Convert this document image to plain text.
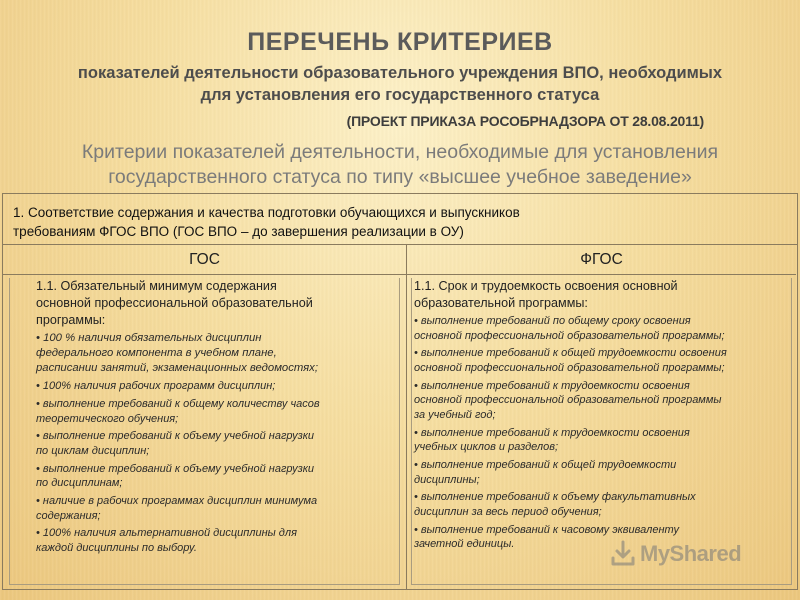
ПЕРЕЧЕНЬ КРИТЕРИЕВ
показателей деятельности образовательного учреждения ВПО, необходимых
для установления его государственного статуса
(ПРОЕКТ ПРИКАЗА РОСОБРНАДЗОРА ОТ 28.08.2011)
Критерии показателей деятельности, необходимые для установления
государственного статуса по типу «высшее учебное заведение»
1. Соответствие содержания и качества подготовки обучающихся и выпускников
требованиям ФГОС ВПО (ГОС ВПО – до завершения реализации в ОУ)
ГОС	ФГОС
1.1. Обязательный минимум содержания
основной профессиональной образовательной
программы:
• 100 % наличия обязательных дисциплин
федерального компонента в учебном плане,
расписании занятий, экзаменационных ведомостях;
• 100% наличия рабочих программ дисциплин;
• выполнение требований к общему количеству часов
теоретического обучения;
• выполнение требований к объему учебной нагрузки
по циклам дисциплин;
• выполнение требований к объему учебной нагрузки
по дисциплинам;
• наличие в рабочих программах дисциплин минимума
содержания;
• 100% наличия альтернативной дисциплины для
каждой дисциплины по выбору.
1.1. Срок и трудоемкость освоения основной
образовательной программы:
• выполнение требований по общему сроку освоения
основной профессиональной образовательной программы;
• выполнение требований к общей трудоемкости освоения
основной профессиональной образовательной программы;
• выполнение требований к трудоемкости освоения
основной профессиональной образовательной программы
за учебный год;
• выполнение требований к трудоемкости освоения
учебных циклов и разделов;
• выполнение требований к общей трудоемкости
дисциплины;
• выполнение требований к объему факультативных
дисциплин за весь период обучения;
• выполнение требований к часовому эквиваленту
зачетной единицы.	MyShared
